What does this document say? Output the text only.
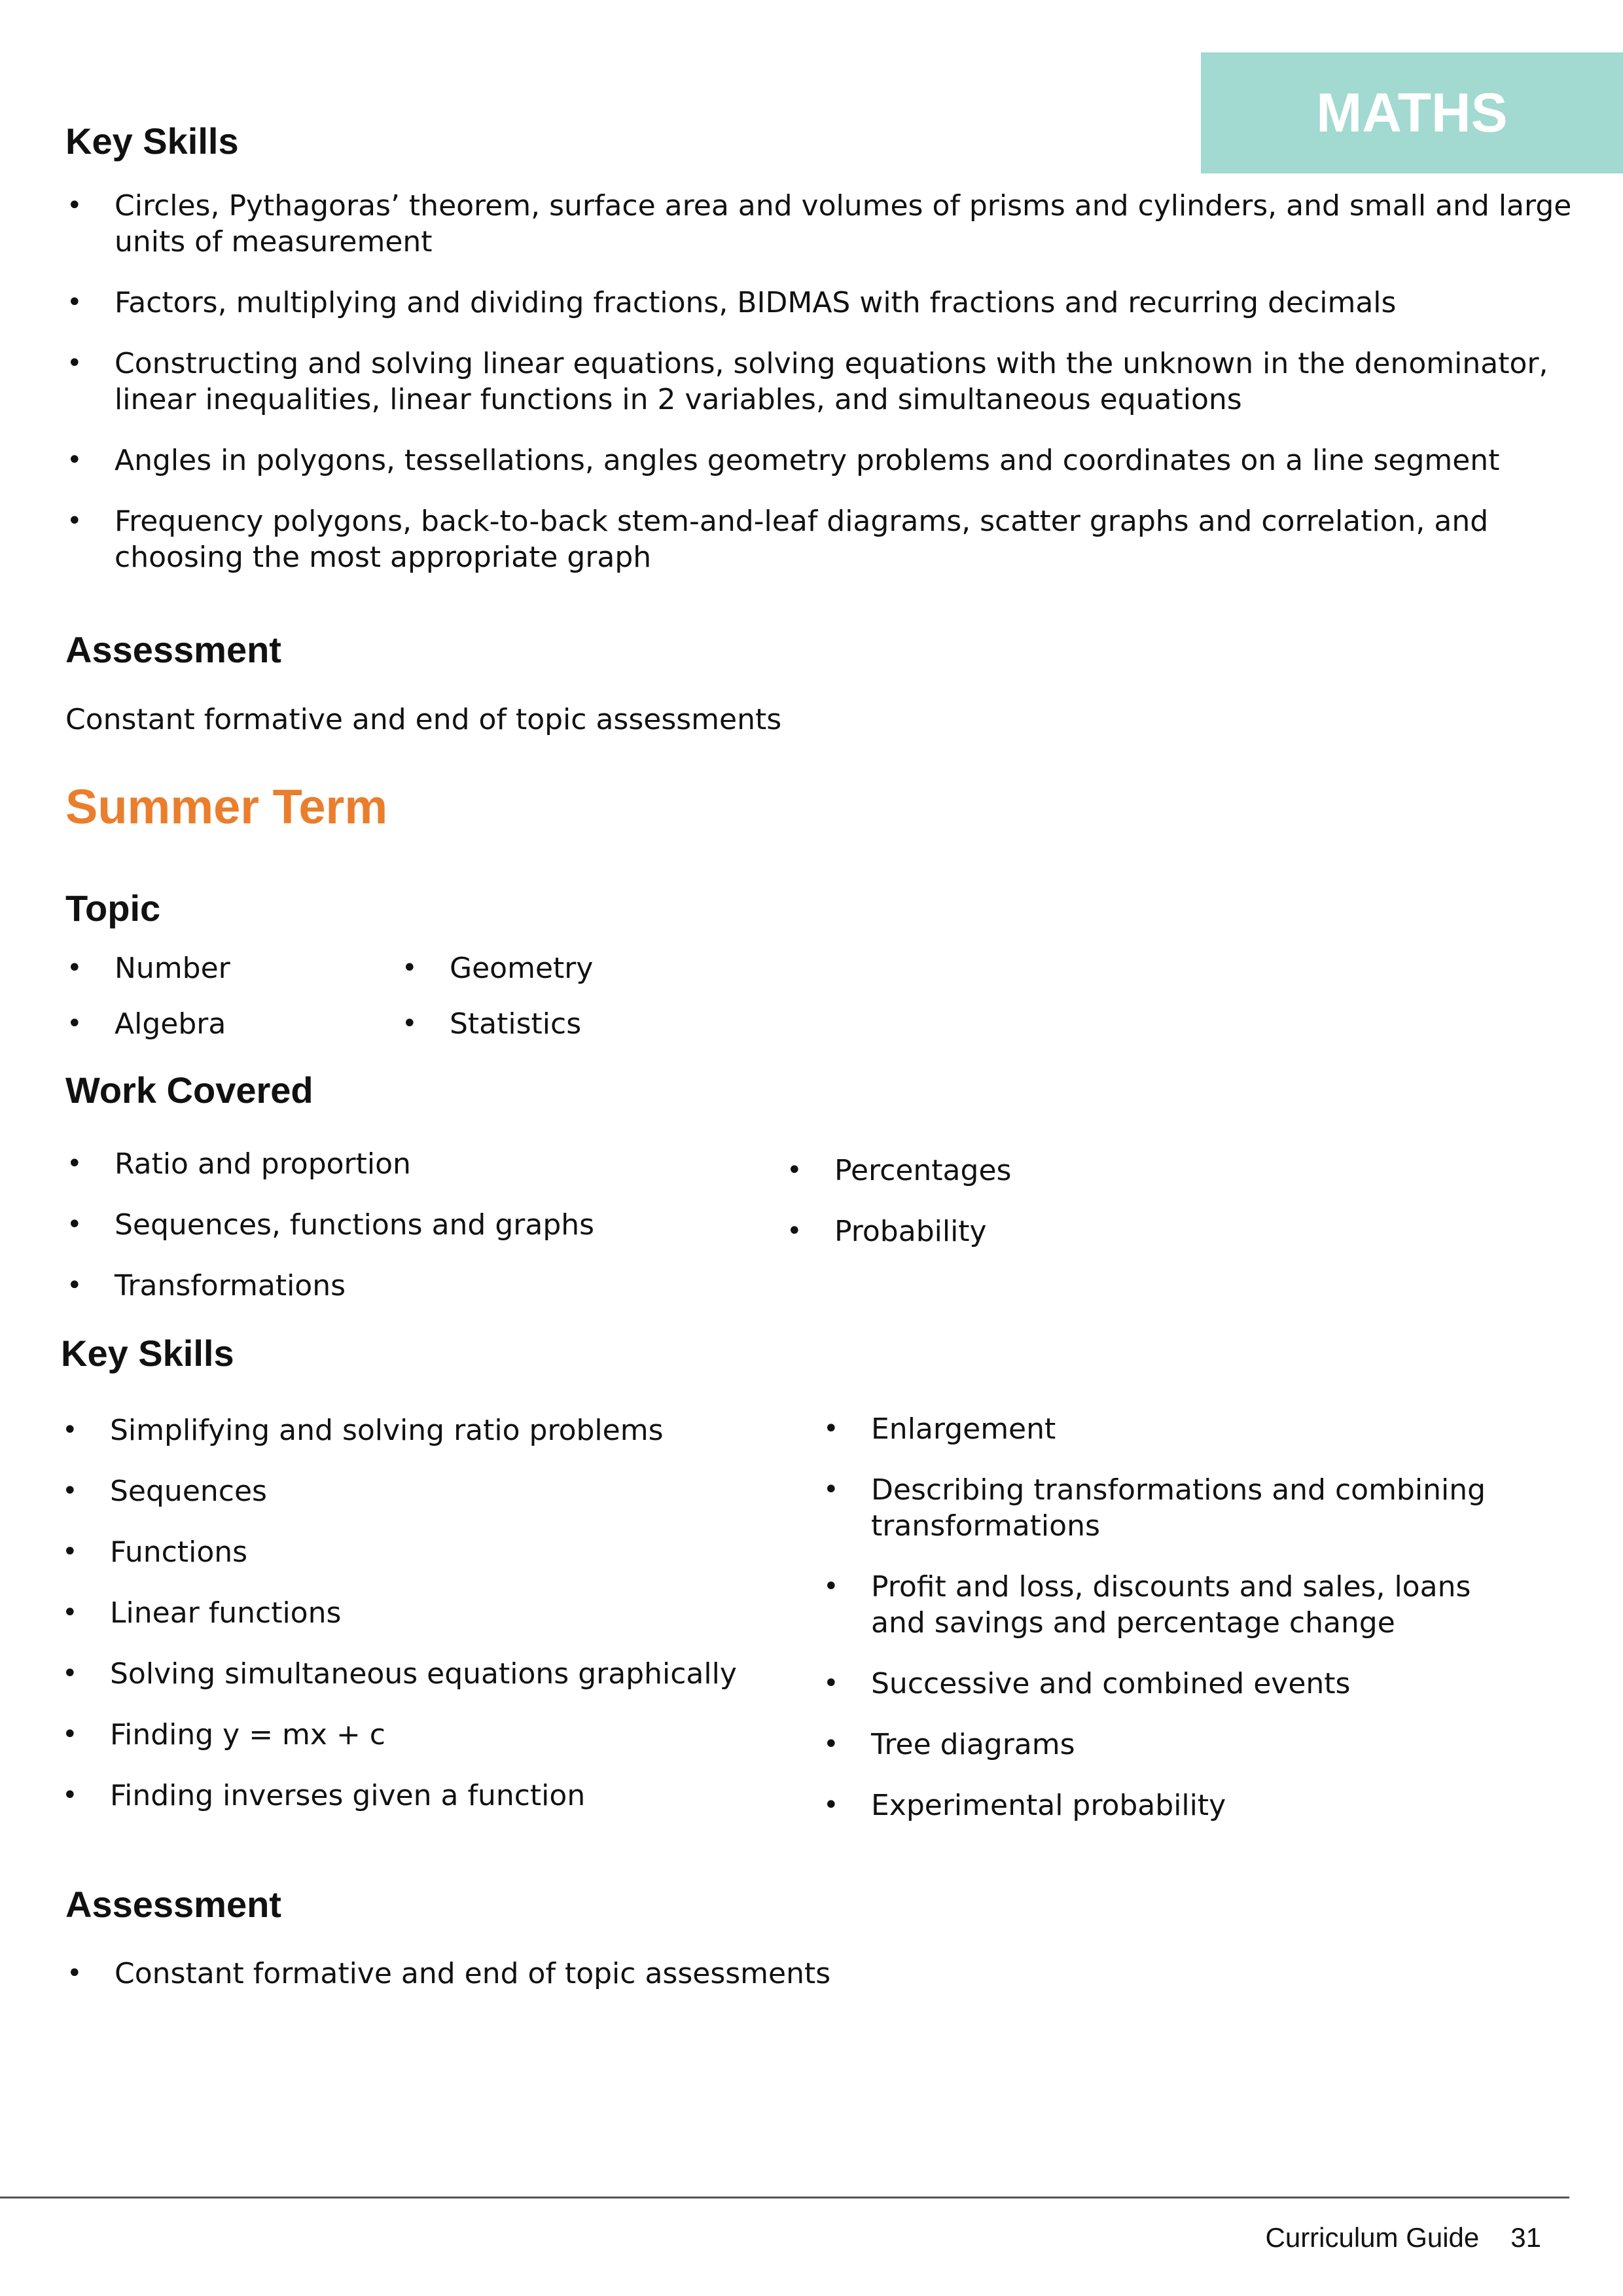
MATHS
Key Skills
• Circles, Pythagoras’ theorem, surface area and volumes of prisms and cylinders, and small and large units of measurement
• Factors, multiplying and dividing fractions, BIDMAS with fractions and recurring decimals
• Constructing and solving linear equations, solving equations with the unknown in the denominator, linear inequalities, linear functions in 2 variables, and simultaneous equations
• Angles in polygons, tessellations, angles geometry problems and coordinates on a line segment
• Frequency polygons, back-to-back stem-and-leaf diagrams, scatter graphs and correlation, and choosing the most appropriate graph
Assessment

Constant formative and end of topic assessments

Summer Term
Topic
• Number
• Algebra
• Geometry
• Statistics
Work Covered
• Ratio and proportion
• Sequences, functions and graphs
• Transformations
• Percentages
• Probability
Key Skills
• Simplifying and solving ratio problems
• Sequences
• Functions
• Linear functions
• Solving simultaneous equations graphically
• Finding y = mx + c
• Finding inverses given a function
• Enlargement
• Describing transformations and combining transformations
• Profit and loss, discounts and sales, loans and savings and percentage change
• Successive and combined events
• Tree diagrams
• Experimental probability
Assessment
• Constant formative and end of topic assessments
Curriculum Guide 31
